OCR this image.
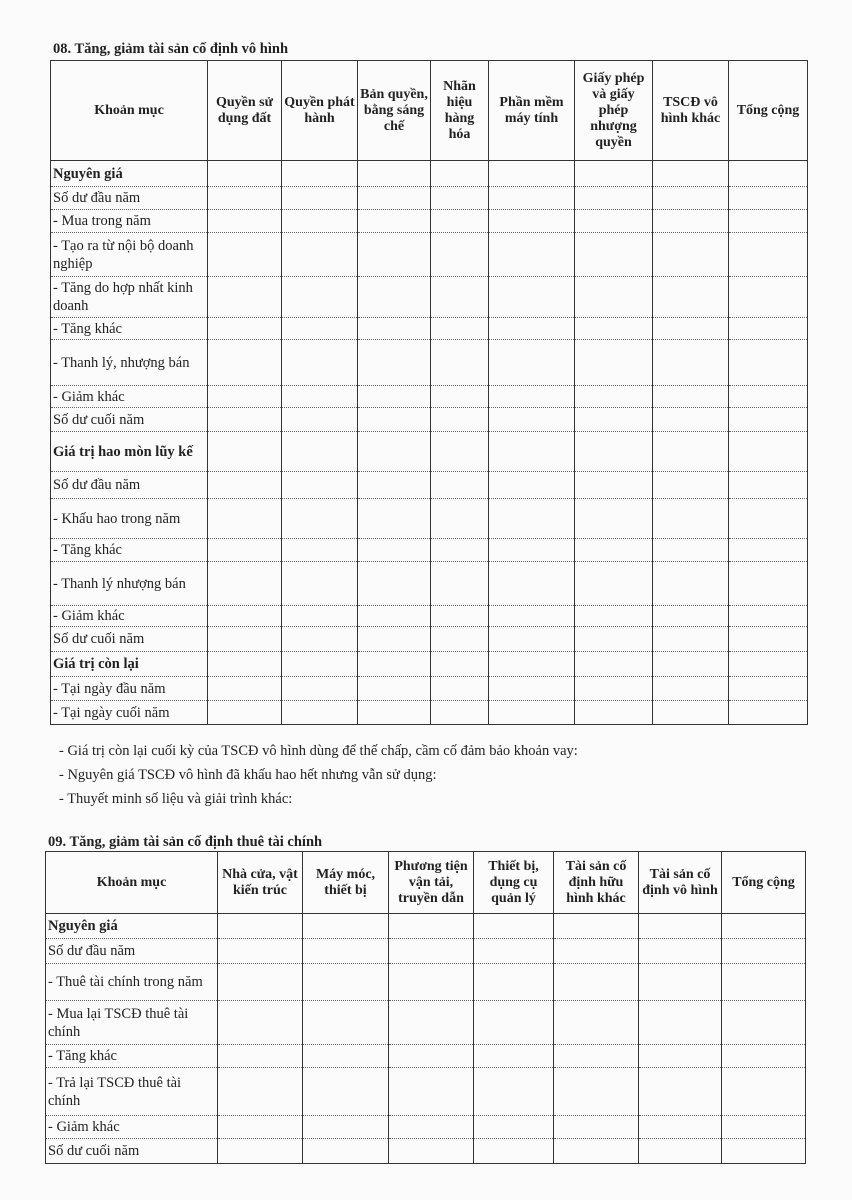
08. Tăng, giảm tài sản cố định vô hình
Khoản mục	Quyền sử dụng đất	Quyền phát hành	Bản quyền, bằng sáng chế	Nhãn hiệu hàng hóa	Phần mềm máy tính	Giấy phép và giấy phép nhượng quyền	TSCĐ vô hình khác	Tổng cộng
Nguyên giá								
Số dư đầu năm								
- Mua trong năm								
- Tạo ra từ nội bộ doanh nghiệp								
- Tăng do hợp nhất kinh doanh								
- Tăng khác								
- Thanh lý, nhượng bán								
- Giảm khác								
Số dư cuối năm								
Giá trị hao mòn lũy kế								
Số dư đầu năm								
- Khấu hao trong năm								
- Tăng khác								
- Thanh lý nhượng bán								
- Giảm khác								
Số dư cuối năm								
Giá trị còn lại								
- Tại ngày đầu năm								
- Tại ngày cuối năm								
- Giá trị còn lại cuối kỳ của TSCĐ vô hình dùng để thế chấp, cầm cố đảm bảo khoản vay:
- Nguyên giá TSCĐ vô hình đã khấu hao hết nhưng vẫn sử dụng:
- Thuyết minh số liệu và giải trình khác:
09. Tăng, giảm tài sản cố định thuê tài chính
Khoản mục	Nhà cửa, vật kiến trúc	Máy móc, thiết bị	Phương tiện vận tải, truyền dẫn	Thiết bị, dụng cụ quản lý	Tài sản cố định hữu hình khác	Tài sản cố định vô hình	Tổng cộng
Nguyên giá							
Số dư đầu năm							
- Thuê tài chính trong năm							
- Mua lại TSCĐ thuê tài chính							
- Tăng khác							
- Trả lại TSCĐ thuê tài chính							
- Giảm khác							
Số dư cuối năm							
